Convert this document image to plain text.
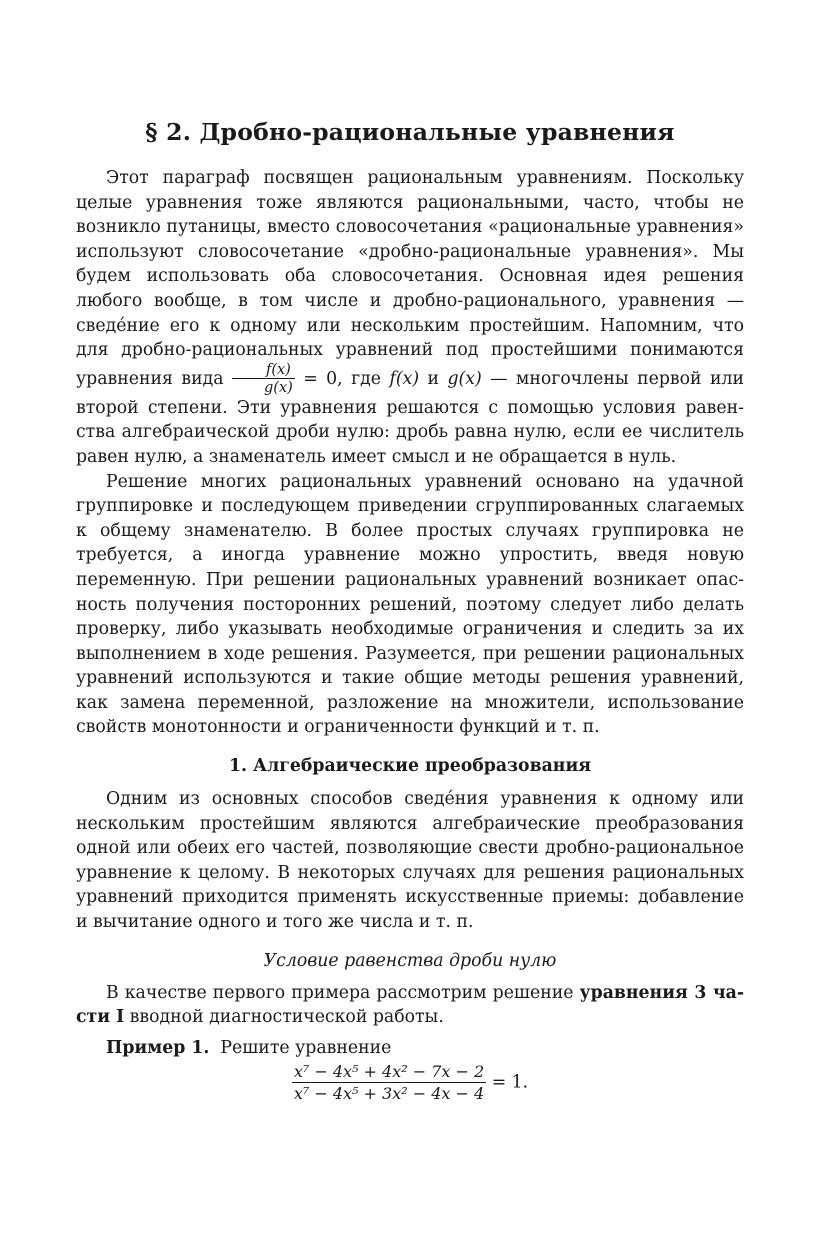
§ 2. Дробно-рациональные уравнения

Этот параграф посвящен рациональным уравнениям. Поскольку целые уравнения тоже являются рациональными, часто, чтобы не возникло путаницы, вместо словосочетания «рациональные уравнения» используют словосочетание «дробно-рациональные уравнения». Мы будем использовать оба словосочетания. Основная идея решения любого вообще, в том числе и дробно-рационального, уравнения — сведе́ние его к одному или нескольким простейшим. Напомним, что для дробно-рациональных уравнений под простейшими понимаются уравнения вида $\frac{f(x)}{g(x)} = 0$, где f(x) и g(x) — многочлены первой или второй степени. Эти уравнения решаются с помощью условия равенства алгебраической дроби нулю: дробь равна нулю, если ее числитель равен нулю, а знаменатель имеет смысл и не обращается в нуль.

Решение многих рациональных уравнений основано на удачной группировке и последующем приведении сгруппированных слагаемых к общему знаменателю. В более простых случаях группировка не требуется, а иногда уравнение можно упростить, введя новую переменную. При решении рациональных уравнений возникает опасность получения посторонних решений, поэтому следует либо делать проверку, либо указывать необходимые ограничения и следить за их выполнением в ходе решения. Разумеется, при решении рациональных уравнений используются и такие общие методы решения уравнений, как замена переменной, разложение на множители, использование свойств монотонности и ограниченности функций и т. п.

1. Алгебраические преобразования

Одним из основных способов сведе́ния уравнения к одному или нескольким простейшим являются алгебраические преобразования одной или обеих его частей, позволяющие свести дробно-рациональное уравнение к целому. В некоторых случаях для решения рациональных уравнений приходится применять искусственные приемы: добавление и вычитание одного и того же числа и т. п.

Условие равенства дроби нулю

В качестве первого примера рассмотрим решение уравнения 3 части I вводной диагностической работы.

Пример 1. Решите уравнение

$\frac{\text{x⁷ − 4x⁵ + 4x² − 7x − 2}}{\text{x⁷ − 4x⁵ + 3x² − 4x − 4}} = 1$.
